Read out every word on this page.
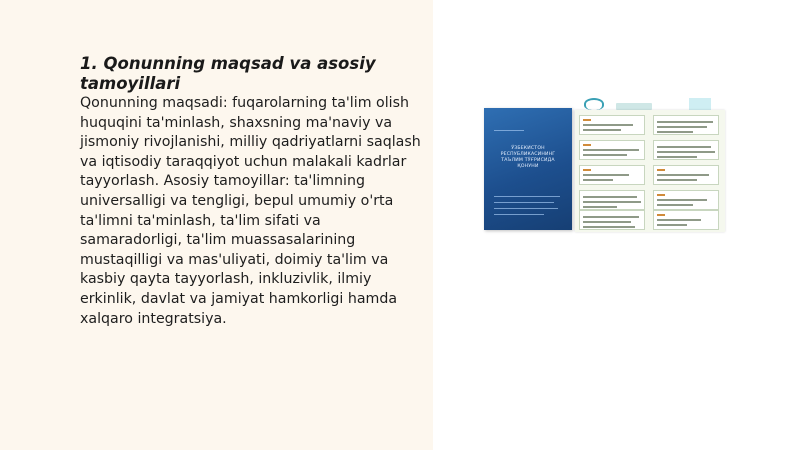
1. Qonunning maqsad va asosiy tamoyillari

Qonunning maqsadi: fuqarolarning ta'lim olish huquqini ta'minlash, shaxsning ma'naviy va jismoniy rivojlanishi, milliy qadriyatlarni saqlash va iqtisodiy taraqqiyot uchun malakali kadrlar tayyorlash. Asosiy tamoyillar: ta'limning universalligi va tengligi, bepul umumiy o'rta ta'limni ta'minlash, ta'lim sifati va samaradorligi, ta'lim muassasalarining mustaqilligi va mas'uliyati, doimiy ta'lim va kasbiy qayta tayyorlash, inkluzivlik, ilmiy erkinlik, davlat va jamiyat hamkorligi hamda xalqaro integratsiya.

ЎЗБЕКИСТОН РЕСПУБЛИКАСИНИНГ ТАЪЛИМ ТЎҒРИСИДА ҚОНУНИ
